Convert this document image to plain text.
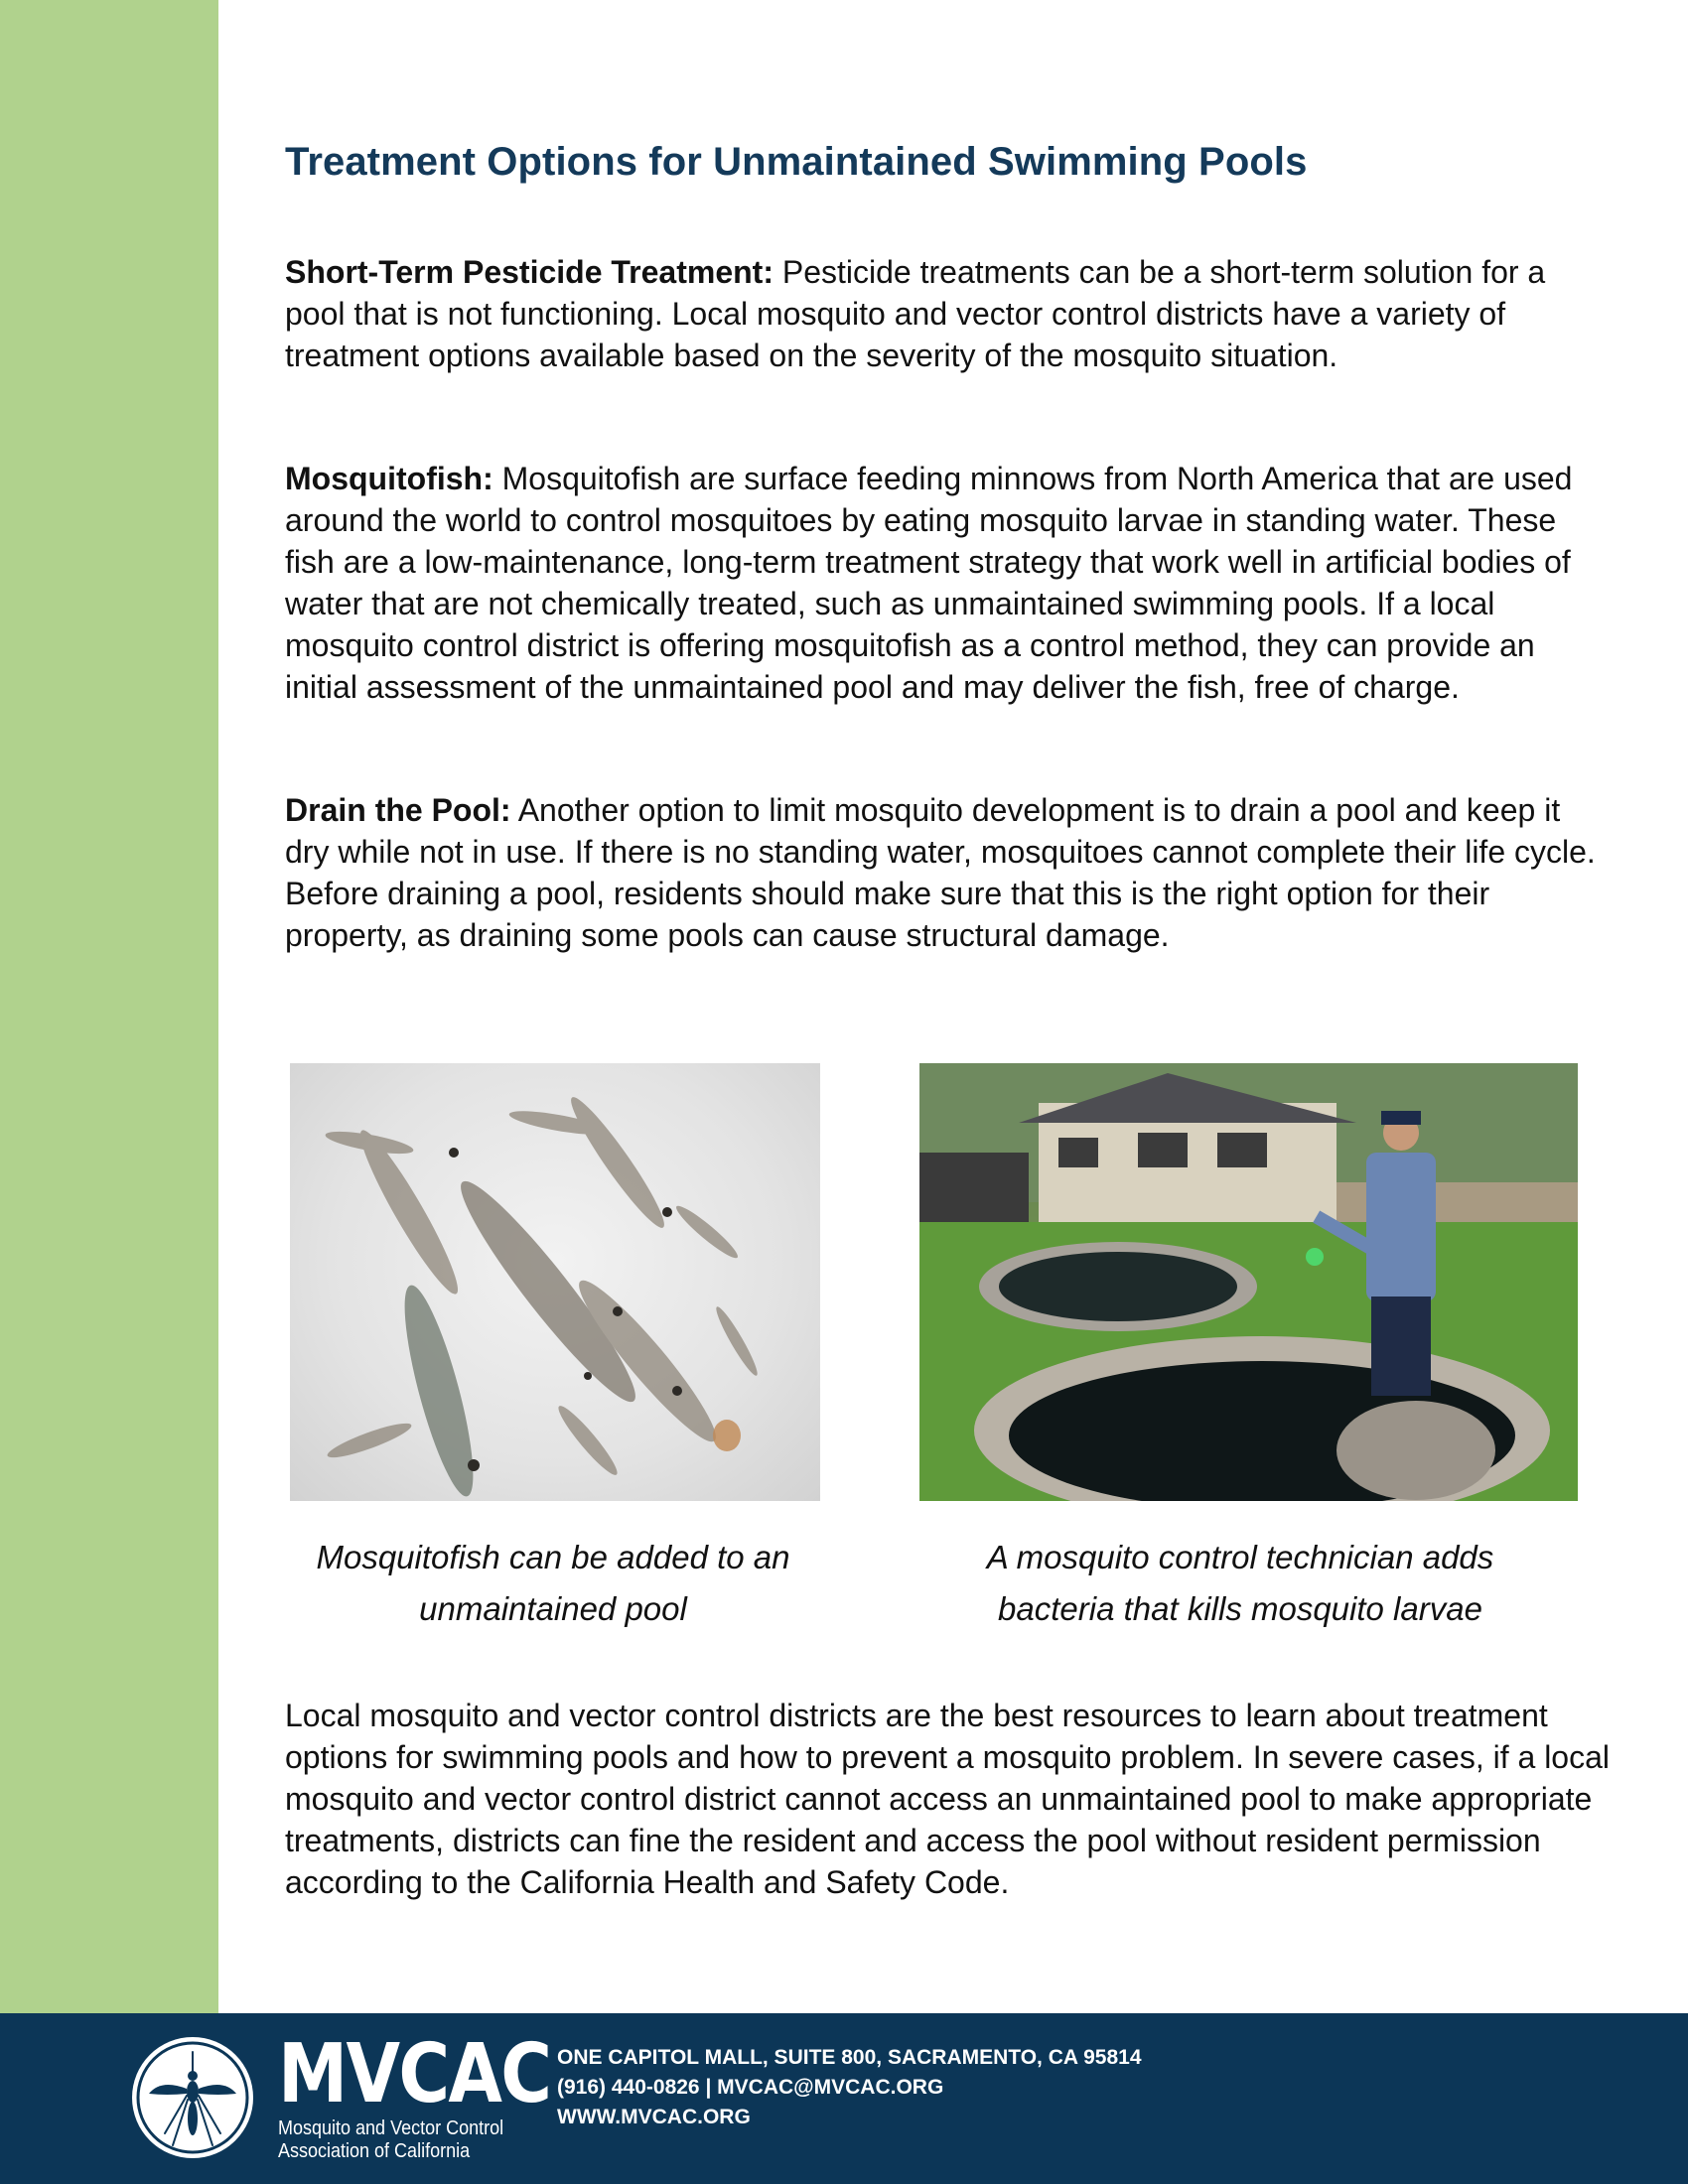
Treatment Options for Unmaintained Swimming Pools

Short-Term Pesticide Treatment: Pesticide treatments can be a short-term solution for a pool that is not functioning. Local mosquito and vector control districts have a variety of treatment options available based on the severity of the mosquito situation.

Mosquitofish: Mosquitofish are surface feeding minnows from North America that are used around the world to control mosquitoes by eating mosquito larvae in standing water. These fish are a low-maintenance, long-term treatment strategy that work well in artificial bodies of water that are not chemically treated, such as unmaintained swimming pools. If a local mosquito control district is offering mosquitofish as a control method, they can provide an initial assessment of the unmaintained pool and may deliver the fish, free of charge.

Drain the Pool: Another option to limit mosquito development is to drain a pool and keep it dry while not in use. If there is no standing water, mosquitoes cannot complete their life cycle. Before draining a pool, residents should make sure that this is the right option for their property, as draining some pools can cause structural damage.

Local mosquito and vector control districts are the best resources to learn about treatment options for swimming pools and how to prevent a mosquito problem. In severe cases, if a local mosquito and vector control district cannot access an unmaintained pool to make appropriate treatments, districts can fine the resident and access the pool without resident permission according to the California Health and Safety Code.

Mosquitofish can be added to an
unmaintained pool

A mosquito control technician adds
bacteria that kills mosquito larvae

MVCAC
Mosquito and Vector Control
Association of California

ONE CAPITOL MALL, SUITE 800, SACRAMENTO, CA 95814

(916) 440-0826 | MVCAC@MVCAC.ORG

WWW.MVCAC.ORG
